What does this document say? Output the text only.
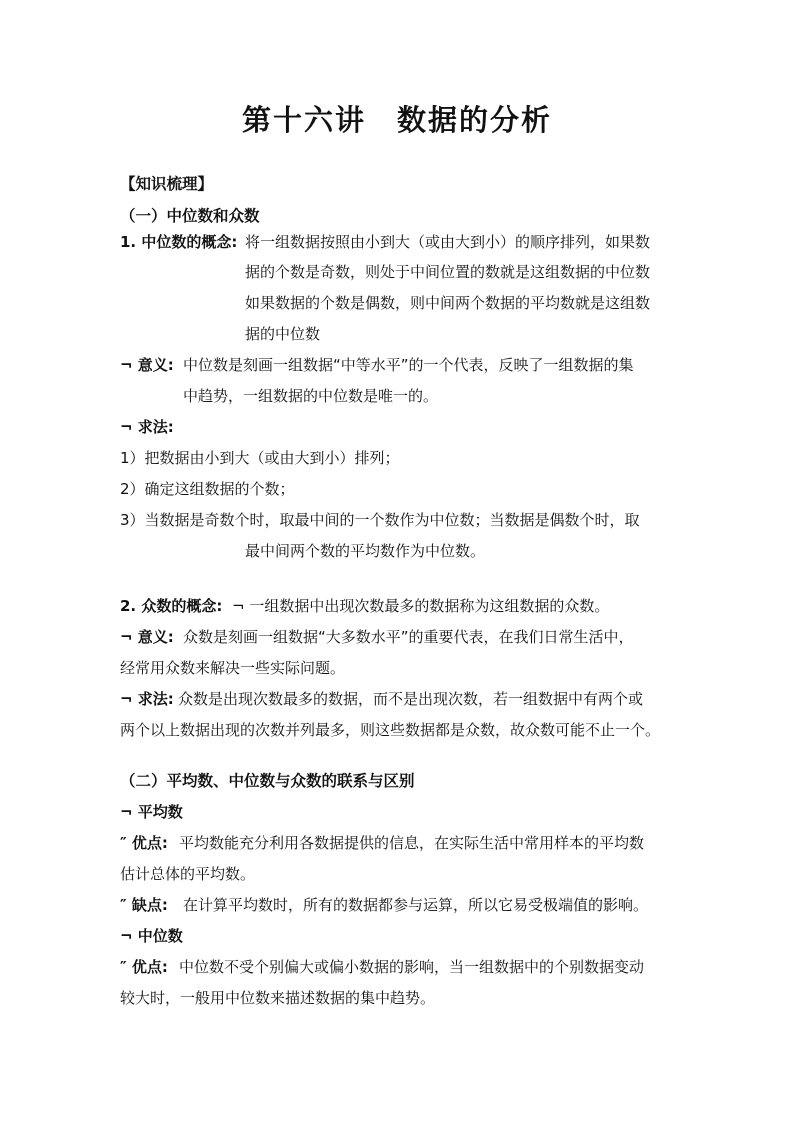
第十六讲　数据的分析
【知识梳理】
（一）中位数和众数
1. 中位数的概念: 将一组数据按照由小到大（或由大到小）的顺序排列，如果数
据的个数是奇数，则处于中间位置的数就是这组数据的中位数
如果数据的个数是偶数，则中间两个数据的平均数就是这组数
据的中位数
¬ 意义: 中位数是刻画一组数据“中等水平”的一个代表，反映了一组数据的集
中趋势，一组数据的中位数是唯一的。
¬ 求法:
1）把数据由小到大（或由大到小）排列；
2）确定这组数据的个数；
3）当数据是奇数个时，取最中间的一个数作为中位数；当数据是偶数个时，取
最中间两个数的平均数作为中位数。
2. 众数的概念: ¬ 一组数据中出现次数最多的数据称为这组数据的众数。
¬ 意义: 众数是刻画一组数据“大多数水平”的重要代表，在我们日常生活中，
经常用众数来解决一些实际问题。
¬ 求法: 众数是出现次数最多的数据，而不是出现次数，若一组数据中有两个或
两个以上数据出现的次数并列最多，则这些数据都是众数，故众数可能不止一个。
（二）平均数、中位数与众数的联系与区别
¬ 平均数
″ 优点: 平均数能充分利用各数据提供的信息，在实际生活中常用样本的平均数
估计总体的平均数。
″ 缺点: 在计算平均数时，所有的数据都参与运算，所以它易受极端值的影响。
¬ 中位数
″ 优点: 中位数不受个别偏大或偏小数据的影响，当一组数据中的个别数据变动
较大时，一般用中位数来描述数据的集中趋势。
